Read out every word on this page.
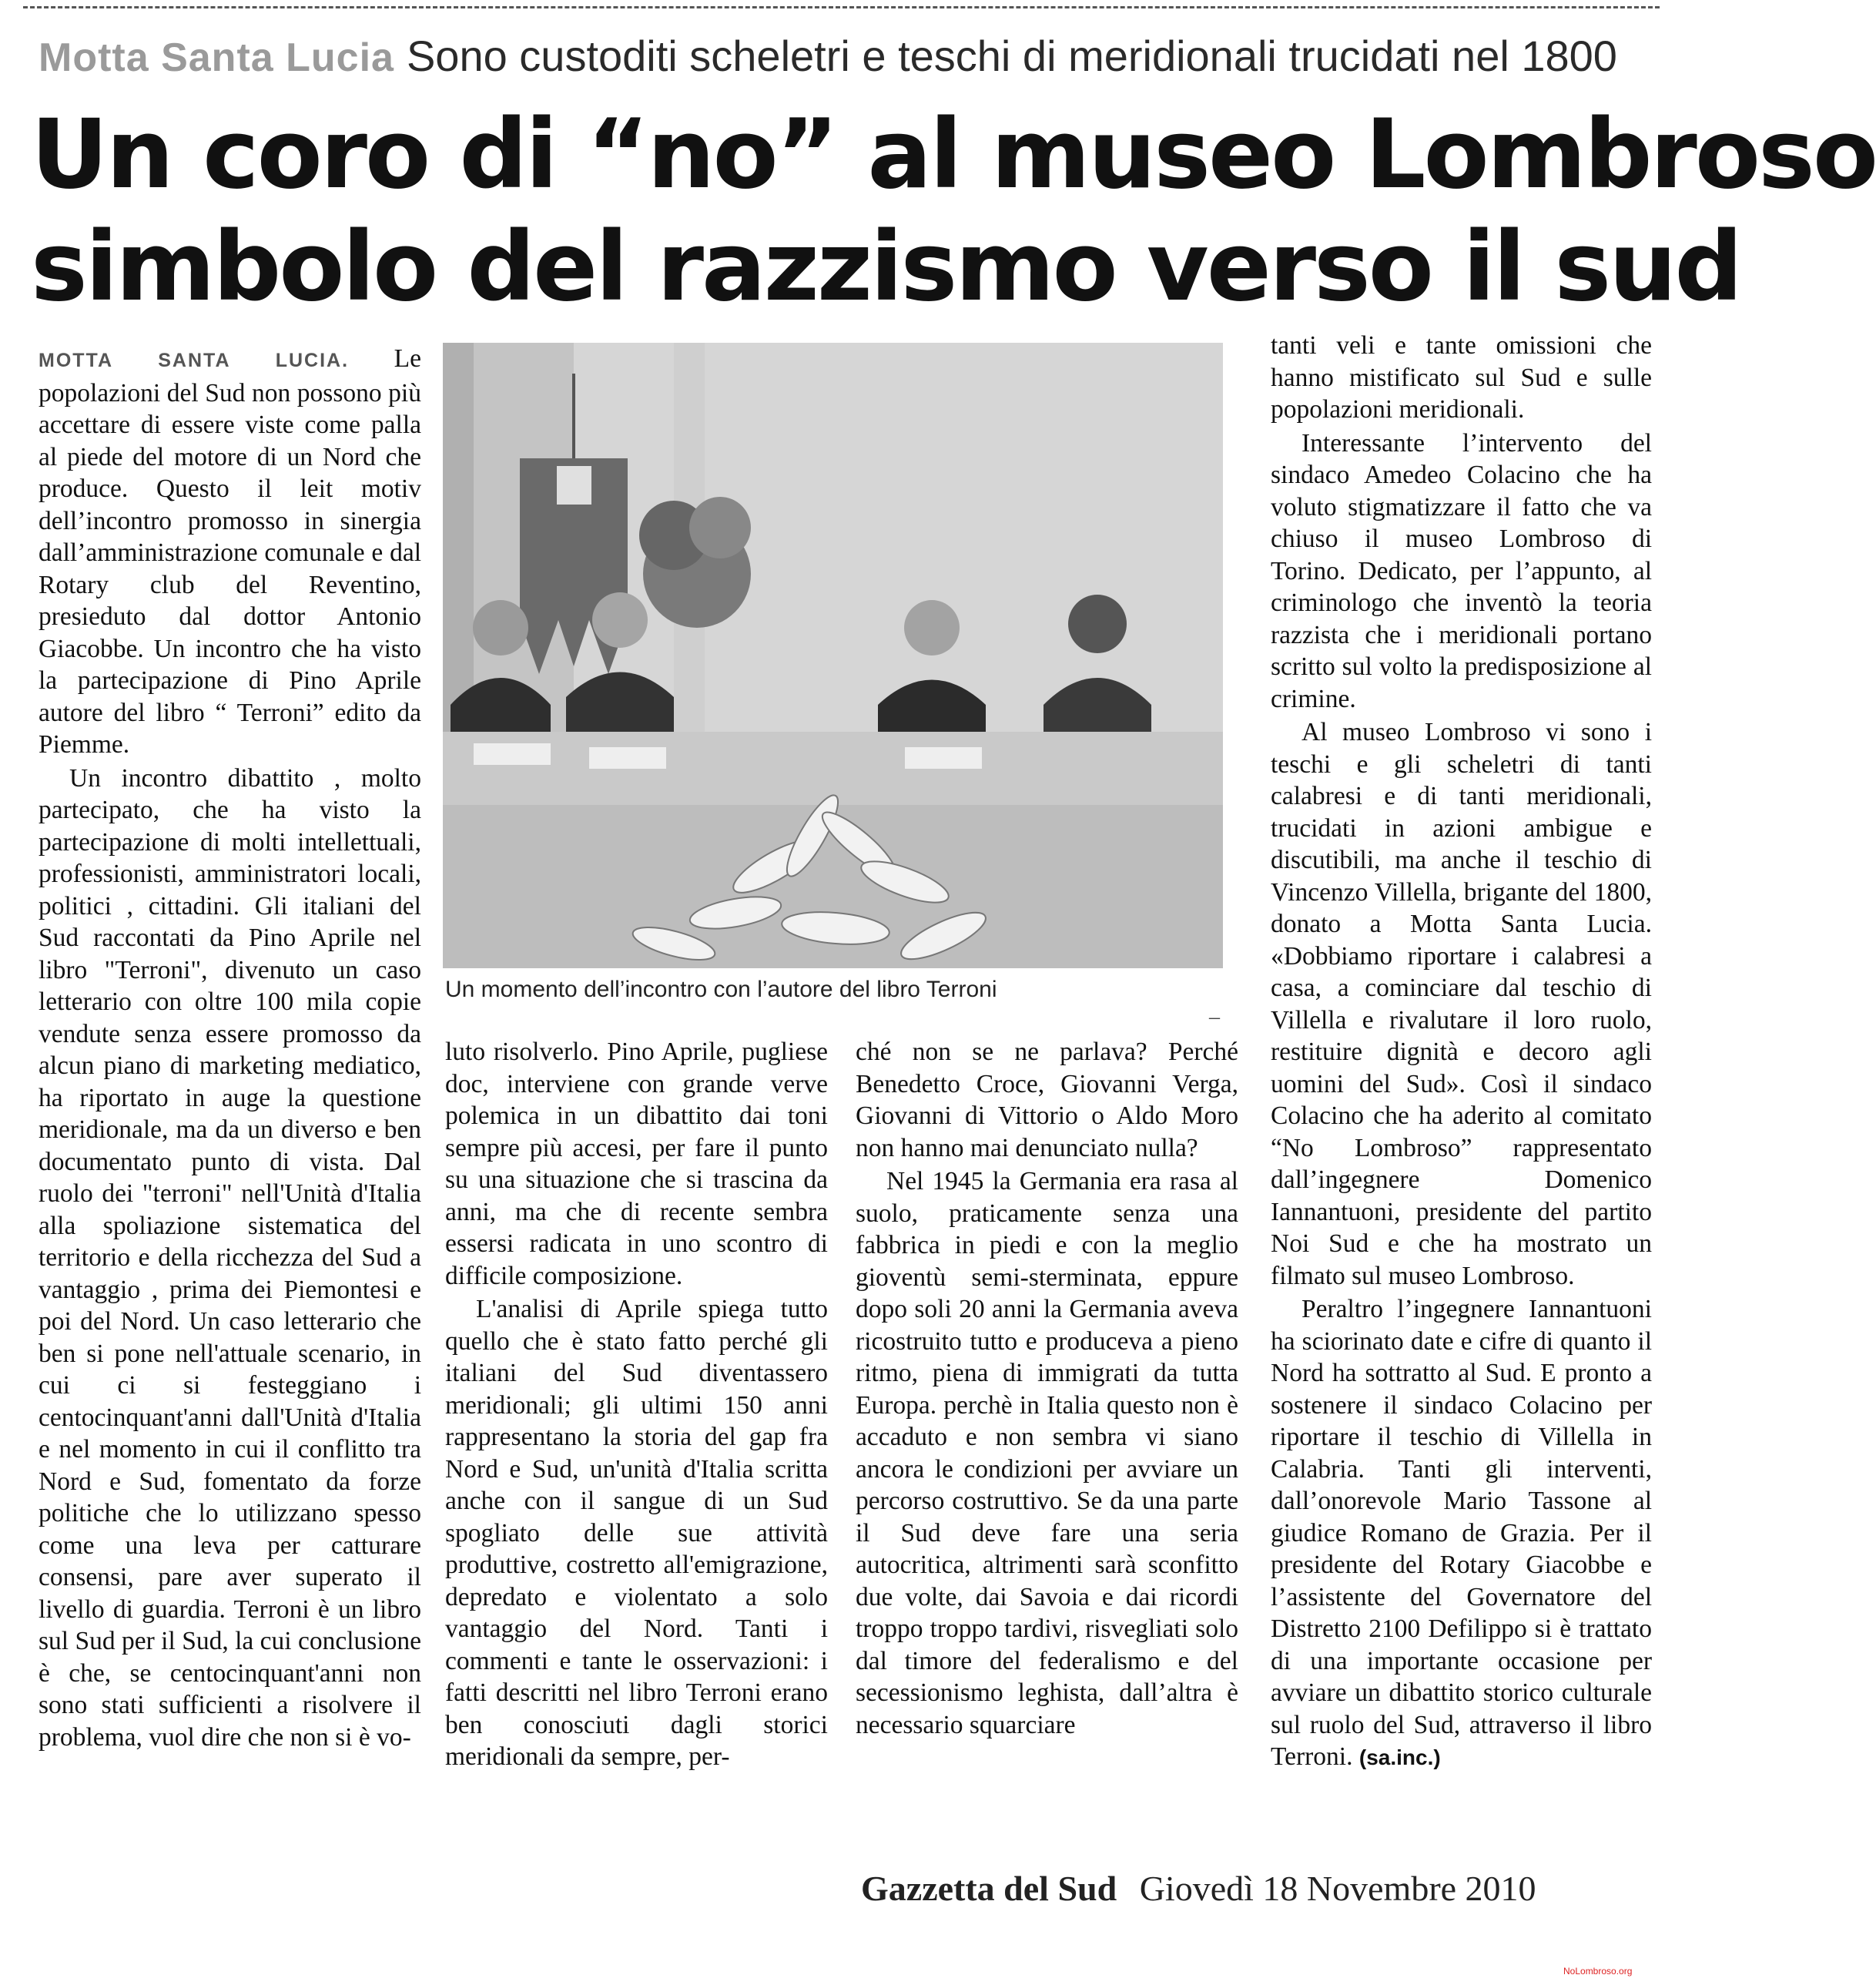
Motta Santa Lucia Sono custoditi scheletri e teschi di meridionali trucidati nel 1800
Un coro di “no” al museo Lombroso
simbolo del razzismo verso il sud

MOTTA SANTA LUCIA. Le popolazioni del Sud non possono più accettare di essere viste come palla al piede del motore di un Nord che produce. Questo il leit motiv dell’incontro promosso in sinergia dall’amministrazione comunale e dal Rotary club del Reventino, presieduto dal dottor Antonio Giacobbe. Un incontro che ha visto la partecipazione di Pino Aprile autore del libro “ Terroni” edito da Piemme.

Un incontro dibattito , molto partecipato, che ha visto la partecipazione di molti intellettuali, professionisti, amministratori locali, politici , cittadini. Gli italiani del Sud raccontati da Pino Aprile nel libro "Terroni", divenuto un caso letterario con oltre 100 mila copie vendute senza essere promosso da alcun piano di marketing mediatico, ha riportato in auge la questione meridionale, ma da un diverso e ben documentato punto di vista. Dal ruolo dei "terroni" nell'Unità d'Italia alla spoliazione sistematica del territorio e della ricchezza del Sud a vantaggio , prima dei Piemontesi e poi del Nord. Un caso letterario che ben si pone nell'attuale scenario, in cui ci si festeggiano i centocinquant'anni dall'Unità d'Italia e nel momento in cui il conflitto tra Nord e Sud, fomentato da forze politiche che lo utilizzano spesso come una leva per catturare consensi, pare aver superato il livello di guardia. Terroni è un libro sul Sud per il Sud, la cui conclusione è che, se centocinquant'anni non sono stati sufficienti a risolvere il problema, vuol dire che non si è vo-

Un momento dell’incontro con l’autore del libro Terroni
–

luto risolverlo. Pino Aprile, pugliese doc, interviene con grande verve polemica in un dibattito dai toni sempre più accesi, per fare il punto su una situazione che si trascina da anni, ma che di recente sembra essersi radicata in uno scontro di difficile composizione.

L'analisi di Aprile spiega tutto quello che è stato fatto perché gli italiani del Sud diventassero meridionali; gli ultimi 150 anni rappresentano la storia del gap fra Nord e Sud, un'unità d'Italia scritta anche con il sangue di un Sud spogliato delle sue attività produttive, costretto all'emigrazione, depredato e violentato a solo vantaggio del Nord. Tanti i commenti e tante le osservazioni: i fatti descritti nel libro Terroni erano ben conosciuti dagli storici meridionali da sempre, per-

ché non se ne parlava? Perché Benedetto Croce, Giovanni Verga, Giovanni di Vittorio o Aldo Moro non hanno mai denunciato nulla?

Nel 1945 la Germania era rasa al suolo, praticamente senza una fabbrica in piedi e con la meglio gioventù semi-sterminata, eppure dopo soli 20 anni la Germania aveva ricostruito tutto e produceva a pieno ritmo, piena di immigrati da tutta Europa. perchè in Italia questo non è accaduto e non sembra vi siano ancora le condizioni per avviare un percorso costruttivo. Se da una parte il Sud deve fare una seria autocritica, altrimenti sarà sconfitto due volte, dai Savoia e dai ricordi troppo troppo tardivi, risvegliati solo dal timore del federalismo e del secessionismo leghista, dall’altra è necessario squarciare

tanti veli e tante omissioni che hanno mistificato sul Sud e sulle popolazioni meridionali.

Interessante l’intervento del sindaco Amedeo Colacino che ha voluto stigmatizzare il fatto che va chiuso il museo Lombroso di Torino. Dedicato, per l’appunto, al criminologo che inventò la teoria razzista che i meridionali portano scritto sul volto la predisposizione al crimine.

Al museo Lombroso vi sono i teschi e gli scheletri di tanti calabresi e di tanti meridionali, trucidati in azioni ambigue e discutibili, ma anche il teschio di Vincenzo Villella, brigante del 1800, donato a Motta Santa Lucia. «Dobbiamo riportare i calabresi a casa, a cominciare dal teschio di Villella e rivalutare il loro ruolo, restituire dignità e decoro agli uomini del Sud». Così il sindaco Colacino che ha aderito al comitato “No Lombroso” rappresentato dall’ingegnere Domenico Iannantuoni, presidente del partito Noi Sud e che ha mostrato un filmato sul museo Lombroso.

Peraltro l’ingegnere Iannantuoni ha sciorinato date e cifre di quanto il Nord ha sottratto al Sud. E pronto a sostenere il sindaco Colacino per riportare il teschio di Villella in Calabria. Tanti gli interventi, dall’onorevole Mario Tassone al giudice Romano de Grazia. Per il presidente del Rotary Giacobbe e l’assistente del Governatore del Distretto 2100 Defilippo si è trattato di una importante occasione per avviare un dibattito storico culturale sul ruolo del Sud, attraverso il libro Terroni. (sa.inc.)

Gazzetta del Sud Giovedì 18 Novembre 2010
NoLombroso.org
